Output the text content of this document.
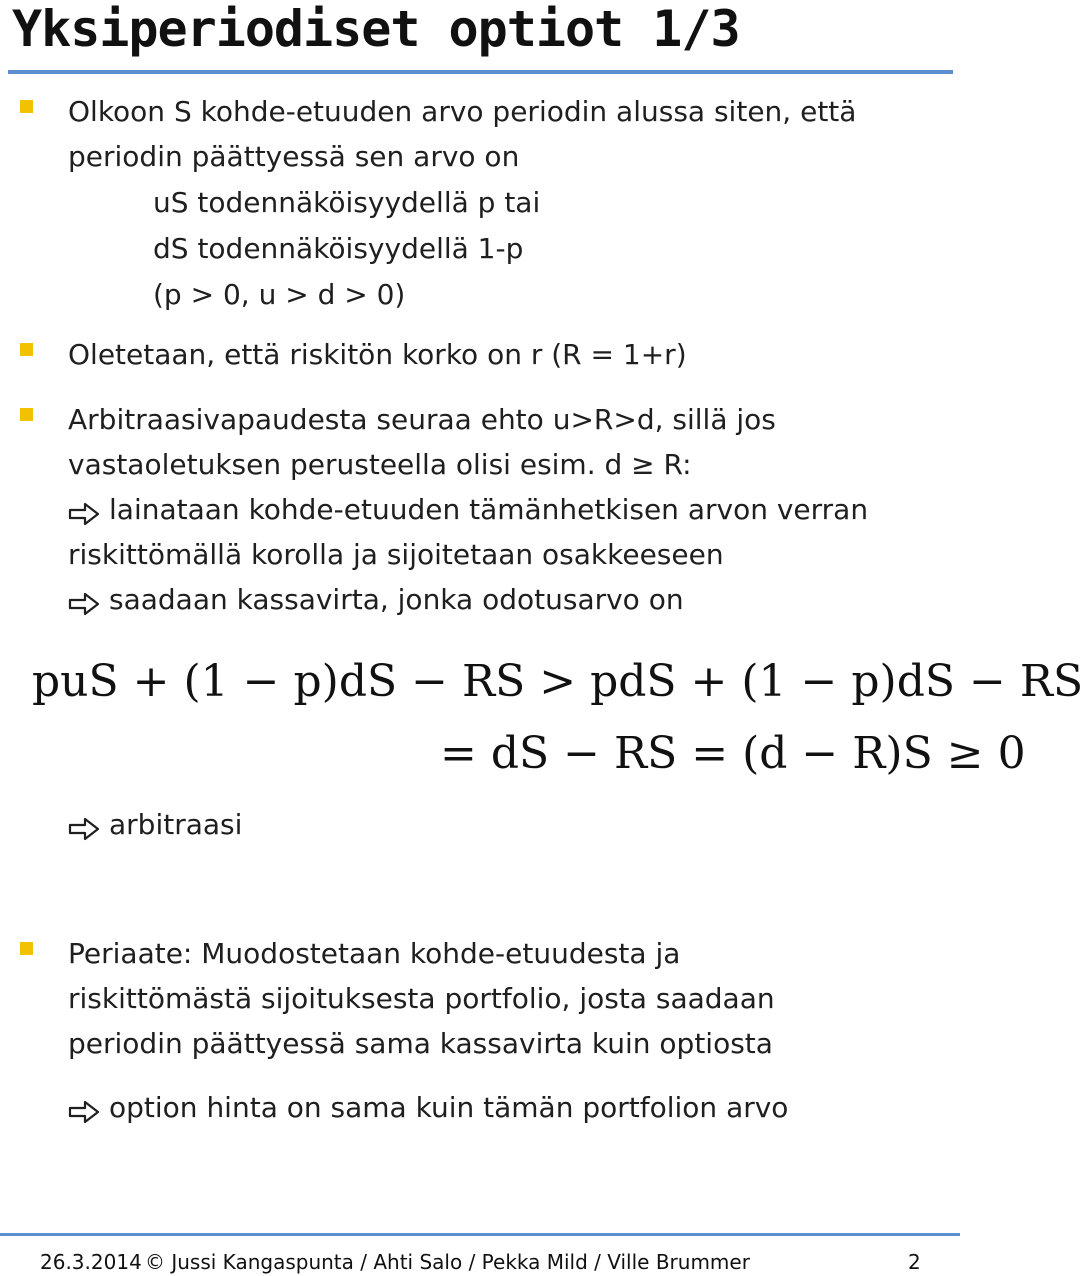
Yksiperiodiset optiot 1/3
Olkoon S kohde-etuuden arvo periodin alussa siten, että
periodin päättyessä sen arvo on
uS todennäköisyydellä p tai
dS todennäköisyydellä 1-p
(p > 0, u > d > 0)
Oletetaan, että riskitön korko on r (R = 1+r)
Arbitraasivapaudesta seuraa ehto u>R>d, sillä jos
vastaoletuksen perusteella olisi esim. d ≥ R:
lainataan kohde-etuuden tämänhetkisen arvon verran
riskittömällä korolla ja sijoitetaan osakkeeseen
saadaan kassavirta, jonka odotusarvo on
puS + (1 − p)dS − RS > pdS + (1 − p)dS − RS
= dS − RS = (d − R)S ≥ 0
arbitraasi
Periaate: Muodostetaan kohde-etuudesta ja
riskittömästä sijoituksesta portfolio, josta saadaan
periodin päättyessä sama kassavirta kuin optiosta
option hinta on sama kuin tämän portfolion arvo
26.3.2014 © Jussi Kangaspunta / Ahti Salo / Pekka Mild / Ville Brummer	2
